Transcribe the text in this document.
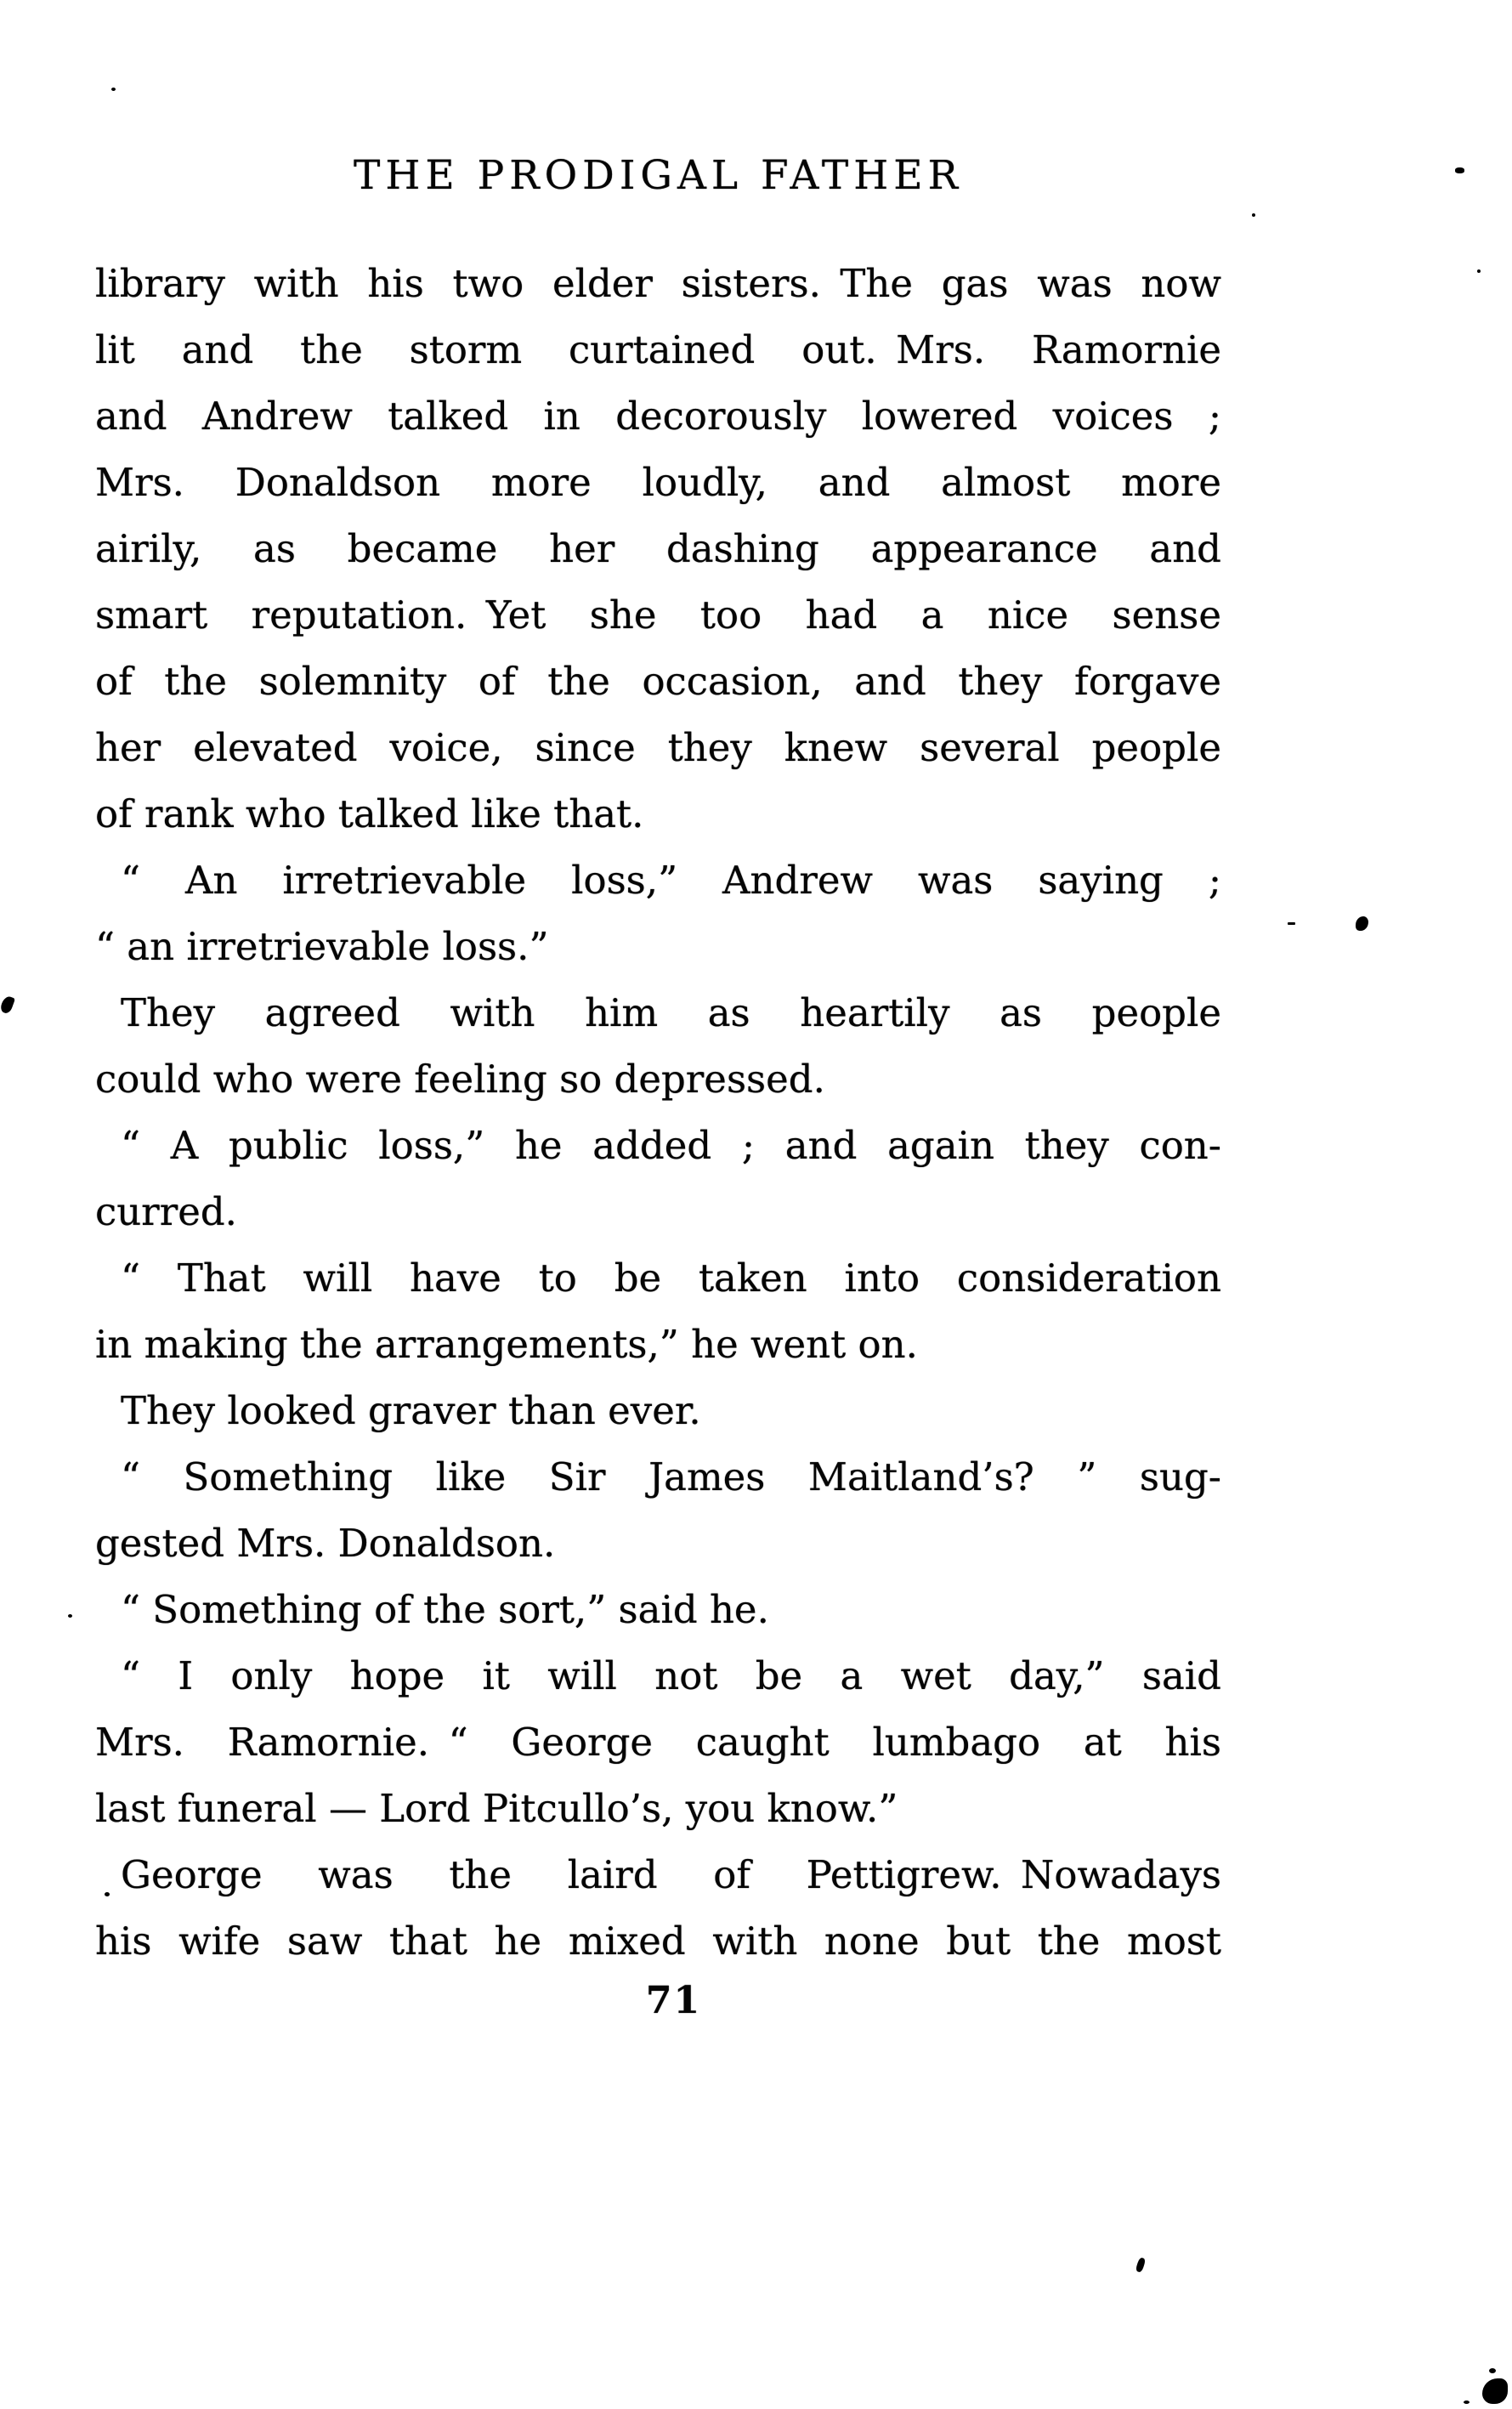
THE PRODIGAL FATHER
library with his two elder sisters. The gas was now
lit and the storm curtained out. Mrs. Ramornie
and Andrew talked in decorously lowered voices ;
Mrs. Donaldson more loudly, and almost more
airily, as became her dashing appearance and
smart reputation. Yet she too had a nice sense
of the solemnity of the occasion, and they forgave
her elevated voice, since they knew several people
of rank who talked like that.
“ An irretrievable loss,” Andrew was saying ;
“ an irretrievable loss.”
They agreed with him as heartily as people
could who were feeling so depressed.
“ A public loss,” he added ; and again they con-
curred.
“ That will have to be taken into consideration
in making the arrangements,” he went on.
They looked graver than ever.
“ Something like Sir James Maitland’s? ” sug-
gested Mrs. Donaldson.
“ Something of the sort,” said he.
“ I only hope it will not be a wet day,” said
Mrs. Ramornie. “ George caught lumbago at his
last funeral — Lord Pitcullo’s, you know.”
George was the laird of Pettigrew. Nowadays
his wife saw that he mixed with none but the most
71
